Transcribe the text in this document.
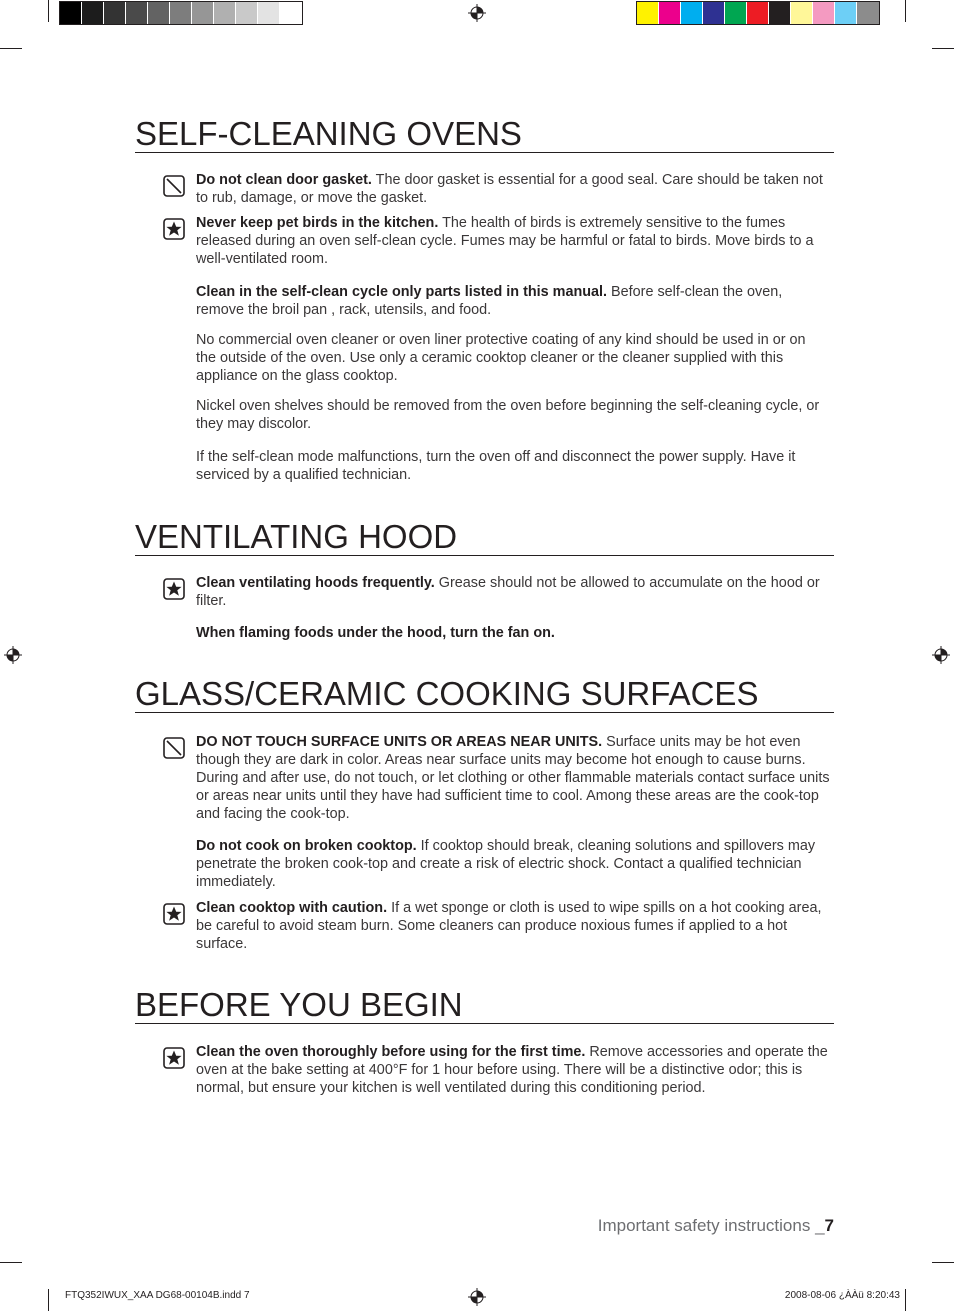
SELF-CLEANING OVENS
Do not clean door gasket. The door gasket is essential for a good seal. Care should be taken not to rub, damage, or move the gasket.
Never keep pet birds in the kitchen. The health of birds is extremely sensitive to the fumes released during an oven self-clean cycle. Fumes may be harmful or fatal to birds. Move birds to a well-ventilated room.
Clean in the self-clean cycle only parts listed in this manual. Before self-clean the oven, remove the broil pan , rack, utensils, and food.
No commercial oven cleaner or oven liner protective coating of any kind should be used in or on the outside of the oven. Use only a ceramic cooktop cleaner or the cleaner supplied with this appliance on the glass cooktop.
Nickel oven shelves should be removed from the oven before beginning the self-cleaning cycle, or they may discolor.
If the self-clean mode malfunctions, turn the oven off and disconnect the power supply. Have it serviced by a qualified technician.
VENTILATING HOOD
Clean ventilating hoods frequently. Grease should not be allowed to accumulate on the hood or filter.
When flaming foods under the hood, turn the fan on.
GLASS/CERAMIC COOKING SURFACES
DO NOT TOUCH SURFACE UNITS OR AREAS NEAR UNITS. Surface units may be hot even though they are dark in color. Areas near surface units may become hot enough to cause burns. During and after use, do not touch, or let clothing or other flammable materials contact surface units or areas near units until they have had sufficient time to cool. Among these areas are the cook-top and facing the cook-top.
Do not cook on broken cooktop. If cooktop should break, cleaning solutions and spillovers may penetrate the broken cook-top and create a risk of electric shock. Contact a qualified technician immediately.
Clean cooktop with caution. If a wet sponge or cloth is used to wipe spills on a hot cooking area, be careful to avoid steam burn. Some cleaners can produce noxious fumes if applied to a hot surface.
BEFORE YOU BEGIN
Clean the oven thoroughly before using for the first time. Remove accessories and operate the oven at the bake setting at 400°F for 1 hour before using. There will be a distinctive odor; this is normal, but ensure your kitchen is well ventilated during this conditioning period.
Important safety instructions _7
FTQ352IWUX_XAA DG68-00104B.indd 7	2008-08-06 ¿ÀÀü 8:20:43
